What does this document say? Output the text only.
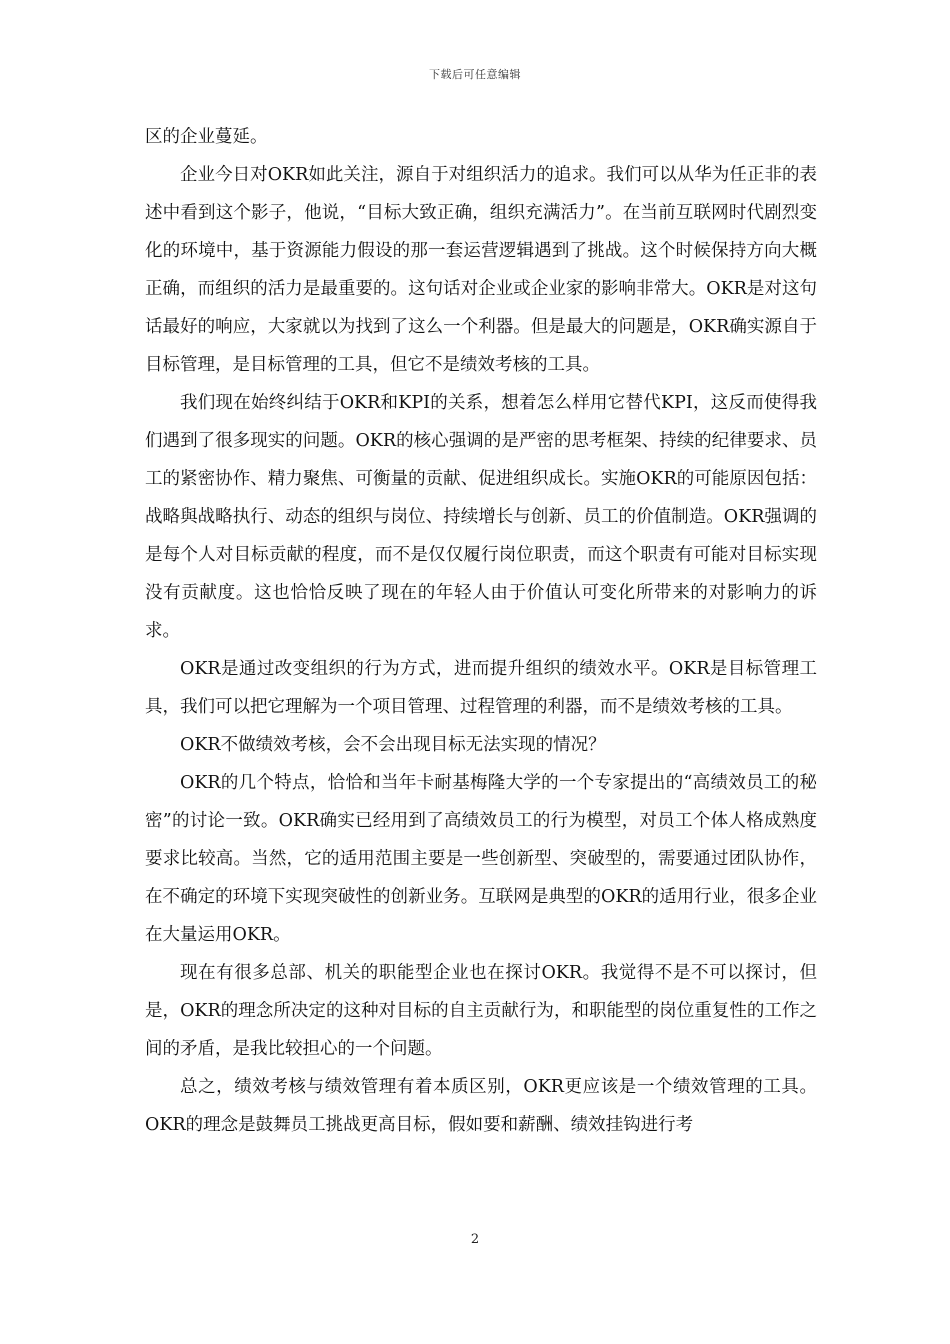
下载后可任意编辑

区的企业蔓延。

企业今日对OKR如此关注，源自于对组织活力的追求。我们可以从华为任正非的表述中看到这个影子，他说，“目标大致正确，组织充满活力”。在当前互联网时代剧烈变化的环境中，基于资源能力假设的那一套运营逻辑遇到了挑战。这个时候保持方向大概正确，而组织的活力是最重要的。这句话对企业或企业家的影响非常大。OKR是对这句话最好的响应，大家就以为找到了这么一个利器。但是最大的问题是，OKR确实源自于目标管理，是目标管理的工具，但它不是绩效考核的工具。

我们现在始终纠结于OKR和KPI的关系，想着怎么样用它替代KPI，这反而使得我们遇到了很多现实的问题。OKR的核心强调的是严密的思考框架、持续的纪律要求、员工的紧密协作、精力聚焦、可衡量的贡献、促进组织成长。实施OKR的可能原因包括：战略與战略执行、动态的组织与岗位、持续增长与创新、员工的价值制造。OKR强调的是每个人对目标贡献的程度，而不是仅仅履行岗位职责，而这个职责有可能对目标实现没有贡献度。这也恰恰反映了现在的年轻人由于价值认可变化所带来的对影响力的诉求。

OKR是通过改变组织的行为方式，进而提升组织的绩效水平。OKR是目标管理工具，我们可以把它理解为一个项目管理、过程管理的利器，而不是绩效考核的工具。

OKR不做绩效考核，会不会出现目标无法实现的情况？

OKR的几个特点，恰恰和当年卡耐基梅隆大学的一个专家提出的“高绩效员工的秘密”的讨论一致。OKR确实已经用到了高绩效员工的行为模型，对员工个体人格成熟度要求比较高。当然，它的适用范围主要是一些创新型、突破型的，需要通过团队协作，在不确定的环境下实现突破性的创新业务。互联网是典型的OKR的适用行业，很多企业在大量运用OKR。

现在有很多总部、机关的职能型企业也在探讨OKR。我觉得不是不可以探讨，但是，OKR的理念所决定的这种对目标的自主贡献行为，和职能型的岗位重复性的工作之间的矛盾，是我比较担心的一个问题。

总之，绩效考核与绩效管理有着本质区别，OKR更应该是一个绩效管理的工具。OKR的理念是鼓舞员工挑战更高目标，假如要和薪酬、绩效挂钩进行考

2
